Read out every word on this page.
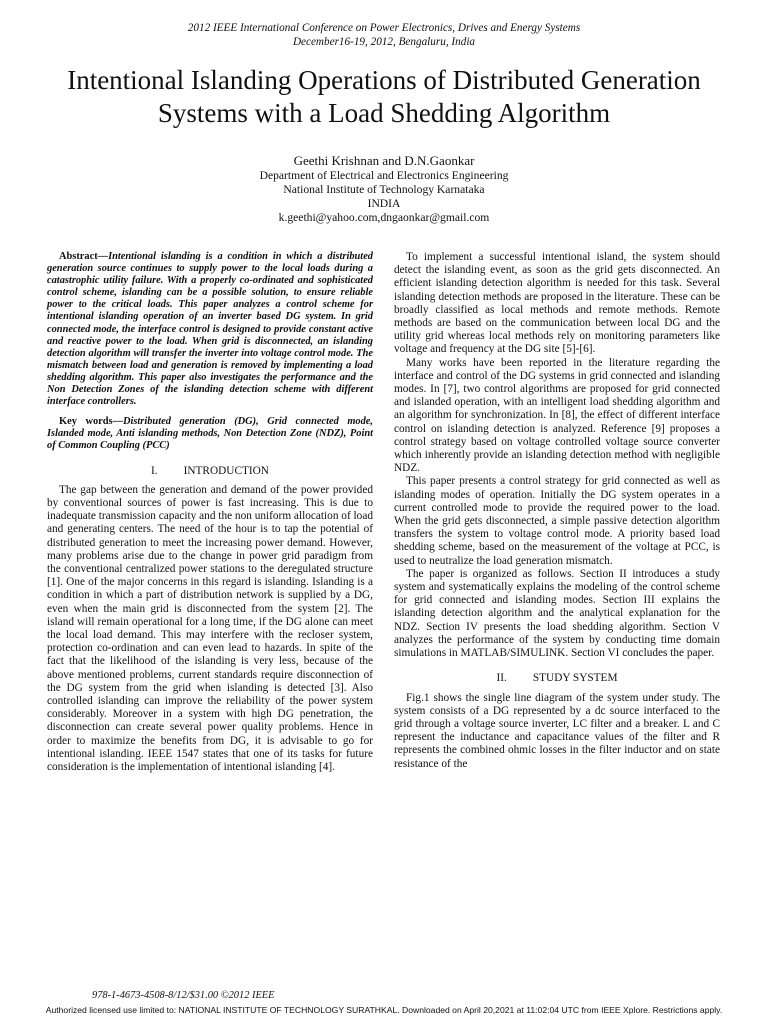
2012 IEEE International Conference on Power Electronics, Drives and Energy Systems
December16-19, 2012, Bengaluru, India
Intentional Islanding Operations of Distributed Generation Systems with a Load Shedding Algorithm
Geethi Krishnan and D.N.Gaonkar
Department of Electrical and Electronics Engineering
National Institute of Technology Karnataka
INDIA
k.geethi@yahoo.com,dngaonkar@gmail.com

Abstract—Intentional islanding is a condition in which a distributed generation source continues to supply power to the local loads during a catastrophic utility failure. With a properly co-ordinated and sophisticated control scheme, islanding can be a possible solution, to ensure reliable power to the critical loads. This paper analyzes a control scheme for intentional islanding operation of an inverter based DG system. In grid connected mode, the interface control is designed to provide constant active and reactive power to the load. When grid is disconnected, an islanding detection algorithm will transfer the inverter into voltage control mode. The mismatch between load and generation is removed by implementing a load shedding algorithm. This paper also investigates the performance and the Non Detection Zones of the islanding detection scheme with different interface controllers.

Key words—Distributed generation (DG), Grid connected mode, Islanded mode, Anti islanding methods, Non Detection Zone (NDZ), Point of Common Coupling (PCC)

I. INTRODUCTION

The gap between the generation and demand of the power provided by conventional sources of power is fast increasing. This is due to inadequate transmission capacity and the non uniform allocation of load and generating centers. The need of the hour is to tap the potential of distributed generation to meet the increasing power demand. However, many problems arise due to the change in power grid paradigm from the conventional centralized power stations to the deregulated structure [1]. One of the major concerns in this regard is islanding. Islanding is a condition in which a part of distribution network is supplied by a DG, even when the main grid is disconnected from the system [2]. The island will remain operational for a long time, if the DG alone can meet the local load demand. This may interfere with the recloser system, protection co-ordination and can even lead to hazards. In spite of the fact that the likelihood of the islanding is very less, because of the above mentioned problems, current standards require disconnection of the DG system from the grid when islanding is detected [3]. Also controlled islanding can improve the reliability of the power system considerably. Moreover in a system with high DG penetration, the disconnection can create several power quality problems. Hence in order to maximize the benefits from DG, it is advisable to go for intentional islanding. IEEE 1547 states that one of its tasks for future consideration is the implementation of intentional islanding [4].

To implement a successful intentional island, the system should detect the islanding event, as soon as the grid gets disconnected. An efficient islanding detection algorithm is needed for this task. Several islanding detection methods are proposed in the literature. These can be broadly classified as local methods and remote methods. Remote methods are based on the communication between local DG and the utility grid whereas local methods rely on monitoring parameters like voltage and frequency at the DG site [5]-[6].

Many works have been reported in the literature regarding the interface and control of the DG systems in grid connected and islanding modes. In [7], two control algorithms are proposed for grid connected and islanded operation, with an intelligent load shedding algorithm and an algorithm for synchronization. In [8], the effect of different interface control on islanding detection is analyzed. Reference [9] proposes a control strategy based on voltage controlled voltage source converter which inherently provide an islanding detection method with negligible NDZ.

This paper presents a control strategy for grid connected as well as islanding modes of operation. Initially the DG system operates in a current controlled mode to provide the required power to the load. When the grid gets disconnected, a simple passive detection algorithm transfers the system to voltage control mode. A priority based load shedding scheme, based on the measurement of the voltage at PCC, is used to neutralize the load generation mismatch.

The paper is organized as follows. Section II introduces a study system and systematically explains the modeling of the control scheme for grid connected and islanding modes. Section III explains the islanding detection algorithm and the analytical explanation for the NDZ. Section IV presents the load shedding algorithm. Section V analyzes the performance of the system by conducting time domain simulations in MATLAB/SIMULINK. Section VI concludes the paper.

II. STUDY SYSTEM

Fig.1 shows the single line diagram of the system under study. The system consists of a DG represented by a dc source interfaced to the grid through a voltage source inverter, LC filter and a breaker. L and C represent the inductance and capacitance values of the filter and R represents the combined ohmic losses in the filter inductor and on state resistance of the

978-1-4673-4508-8/12/$31.00 ©2012 IEEE
Authorized licensed use limited to: NATIONAL INSTITUTE OF TECHNOLOGY SURATHKAL. Downloaded on April 20,2021 at 11:02:04 UTC from IEEE Xplore. Restrictions apply.
